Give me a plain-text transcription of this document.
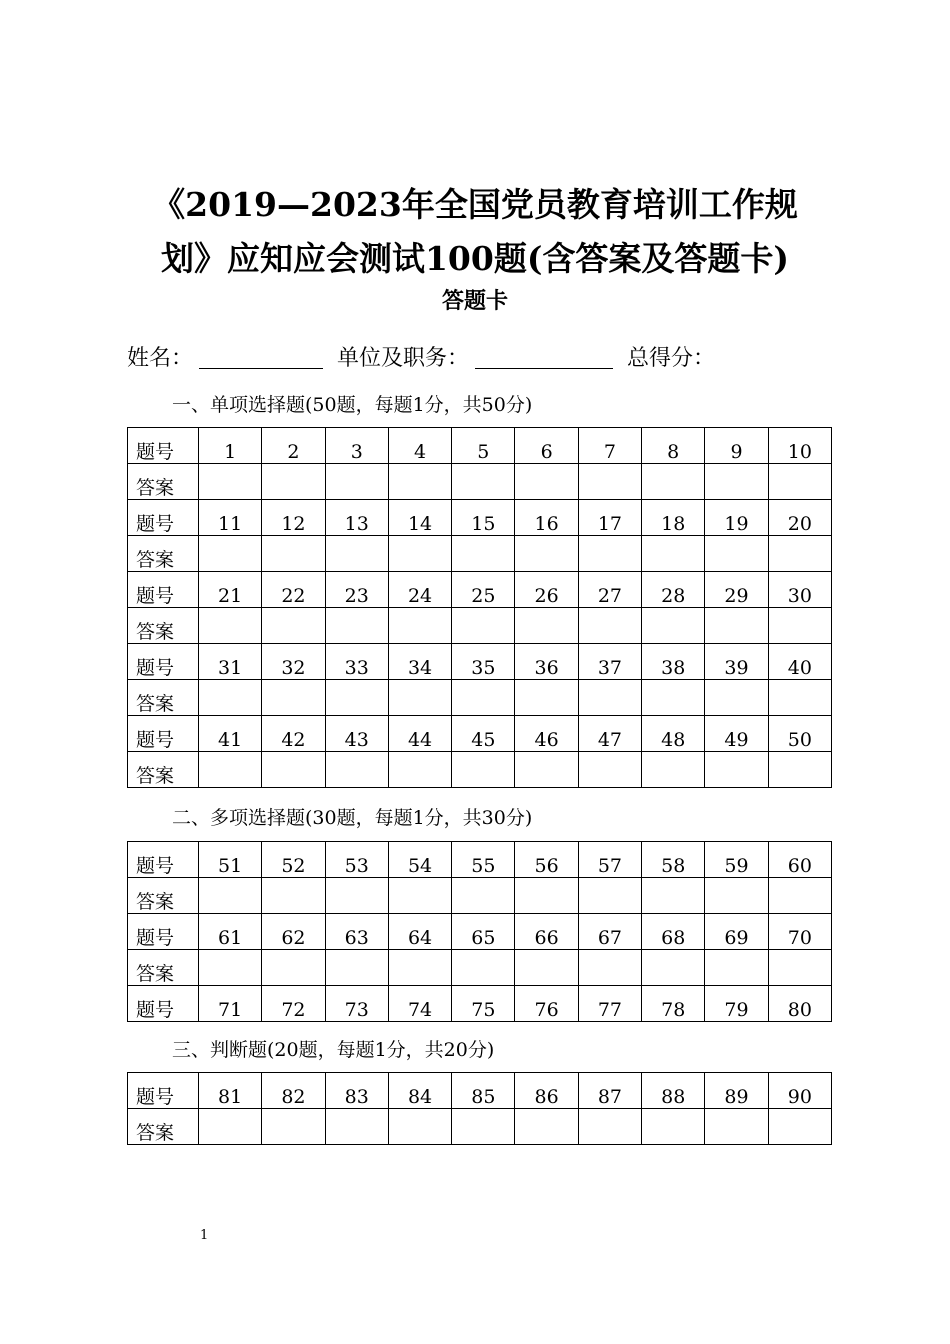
《2019—2023年全国党员教育培训工作规
划》应知应会测试100题(含答案及答题卡)
答题卡
姓名：	单位及职务：	总得分：
一、单项选择题(50题，每题1分，共50分)
题号	1	2	3	4	5	6	7	8	9	10
答案										
题号	11	12	13	14	15	16	17	18	19	20
答案										
题号	21	22	23	24	25	26	27	28	29	30
答案										
题号	31	32	33	34	35	36	37	38	39	40
答案										
题号	41	42	43	44	45	46	47	48	49	50
答案										
二、多项选择题(30题，每题1分，共30分)
题号	51	52	53	54	55	56	57	58	59	60
答案										
题号	61	62	63	64	65	66	67	68	69	70
答案										
题号	71	72	73	74	75	76	77	78	79	80
三、判断题(20题，每题1分，共20分)
题号	81	82	83	84	85	86	87	88	89	90
答案										
1
